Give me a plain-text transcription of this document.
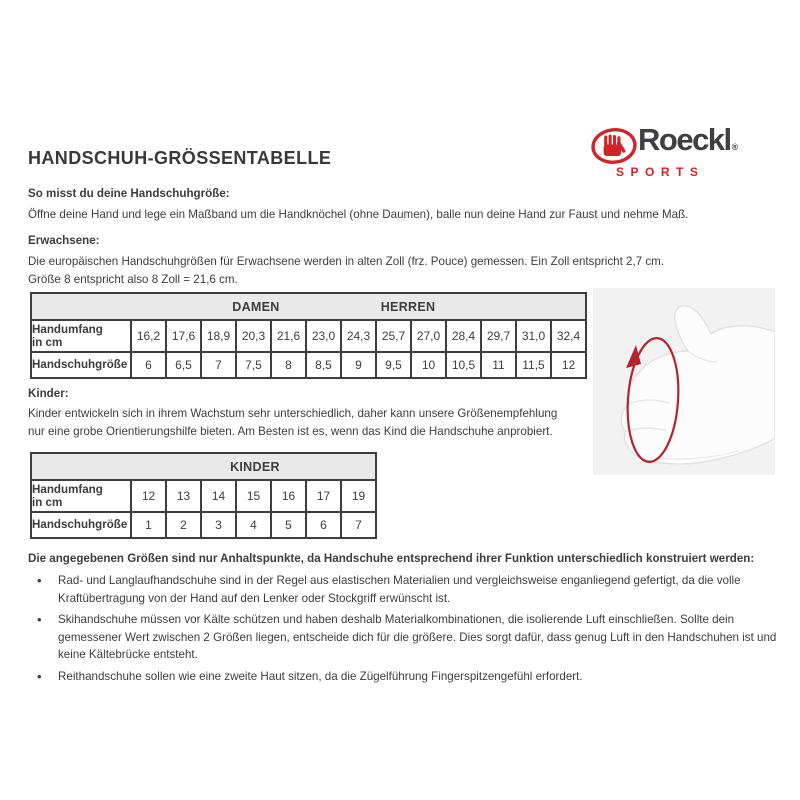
Roeckl®
SPORTS
HANDSCHUH-GRÖSSENTABELLE
So misst du deine Handschuhgröße:
Öffne deine Hand und lege ein Maßband um die Handknöchel (ohne Daumen), balle nun deine Hand zur Faust und nehme Maß.
Erwachsene:
Die europäischen Handschuhgrößen für Erwachsene werden in alten Zoll (frz. Pouce) gemessen. Ein Zoll entspricht 2,7 cm.
Größe 8 entspricht also 8 Zoll = 21,6 cm.
DAMEN HERREN													

Handumfang
in cm	16,2	17,6	18,9	20,3	21,6	23,0	24,3	25,7	27,0	28,4	29,7	31,0	32,4
Handschuhgröße	6	6,5	7	7,5	8	8,5	9	9,5	10	10,5	11	11,5	12
Kinder:
Kinder entwickeln sich in ihrem Wachstum sehr unterschiedlich, daher kann unsere Größenempfehlung nur eine grobe Orientierungshilfe bieten. Am Besten ist es, wenn das Kind die Handschuhe anprobiert.
KINDER							

Handumfang
in cm	12	13	14	15	16	17	19
Handschuhgröße	1	2	3	4	5	6	7
Die angegebenen Größen sind nur Anhaltspunkte, da Handschuhe entsprechend ihrer Funktion unterschiedlich konstruiert werden:
• Rad- und Langlaufhandschuhe sind in der Regel aus elastischen Materialien und vergleichsweise enganliegend gefertigt, da die volle Kraftübertragung von der Hand auf den Lenker oder Stockgriff erwünscht ist.
• Skihandschuhe müssen vor Kälte schützen und haben deshalb Materialkombinationen, die isolierende Luft einschließen. Sollte dein gemessener Wert zwischen 2 Größen liegen, entscheide dich für die größere. Dies sorgt dafür, dass genug Luft in den Handschuhen ist und keine Kältebrücke entsteht.
• Reithandschuhe sollen wie eine zweite Haut sitzen, da die Zügelführung Fingerspitzengefühl erfordert.
